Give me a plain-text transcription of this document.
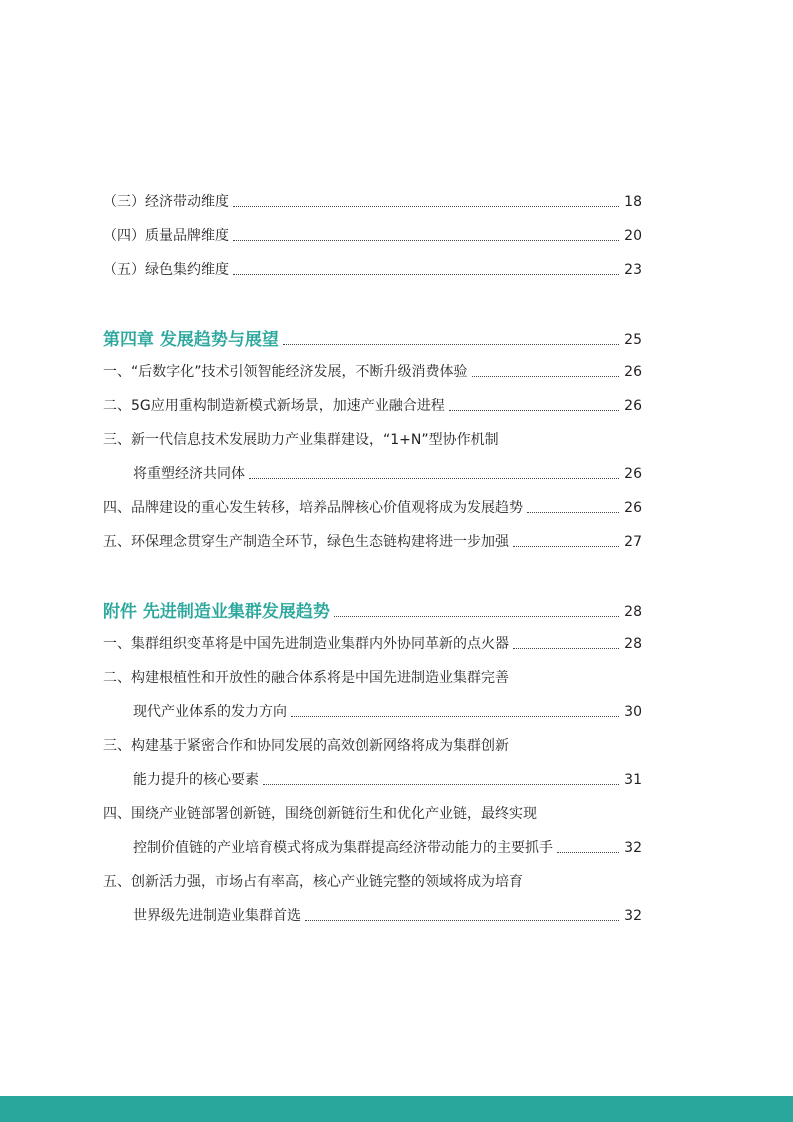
（三）经济带动维度	18
（四）质量品牌维度	20
（五）绿色集约维度	23
第四章 发展趋势与展望	25
一、“后数字化”技术引领智能经济发展，不断升级消费体验	26
二、5G应用重构制造新模式新场景，加速产业融合进程	26
三、新一代信息技术发展助力产业集群建设，“1+N”型协作机制
将重塑经济共同体	26
四、品牌建设的重心发生转移，培养品牌核心价值观将成为发展趋势	26
五、环保理念贯穿生产制造全环节，绿色生态链构建将进一步加强	27
附件 先进制造业集群发展趋势	28
一、集群组织变革将是中国先进制造业集群内外协同革新的点火器	28
二、构建根植性和开放性的融合体系将是中国先进制造业集群完善
现代产业体系的发力方向	30
三、构建基于紧密合作和协同发展的高效创新网络将成为集群创新
能力提升的核心要素	31
四、围绕产业链部署创新链，围绕创新链衍生和优化产业链，最终实现
控制价值链的产业培育模式将成为集群提高经济带动能力的主要抓手	32
五、创新活力强，市场占有率高，核心产业链完整的领域将成为培育
世界级先进制造业集群首选	32
